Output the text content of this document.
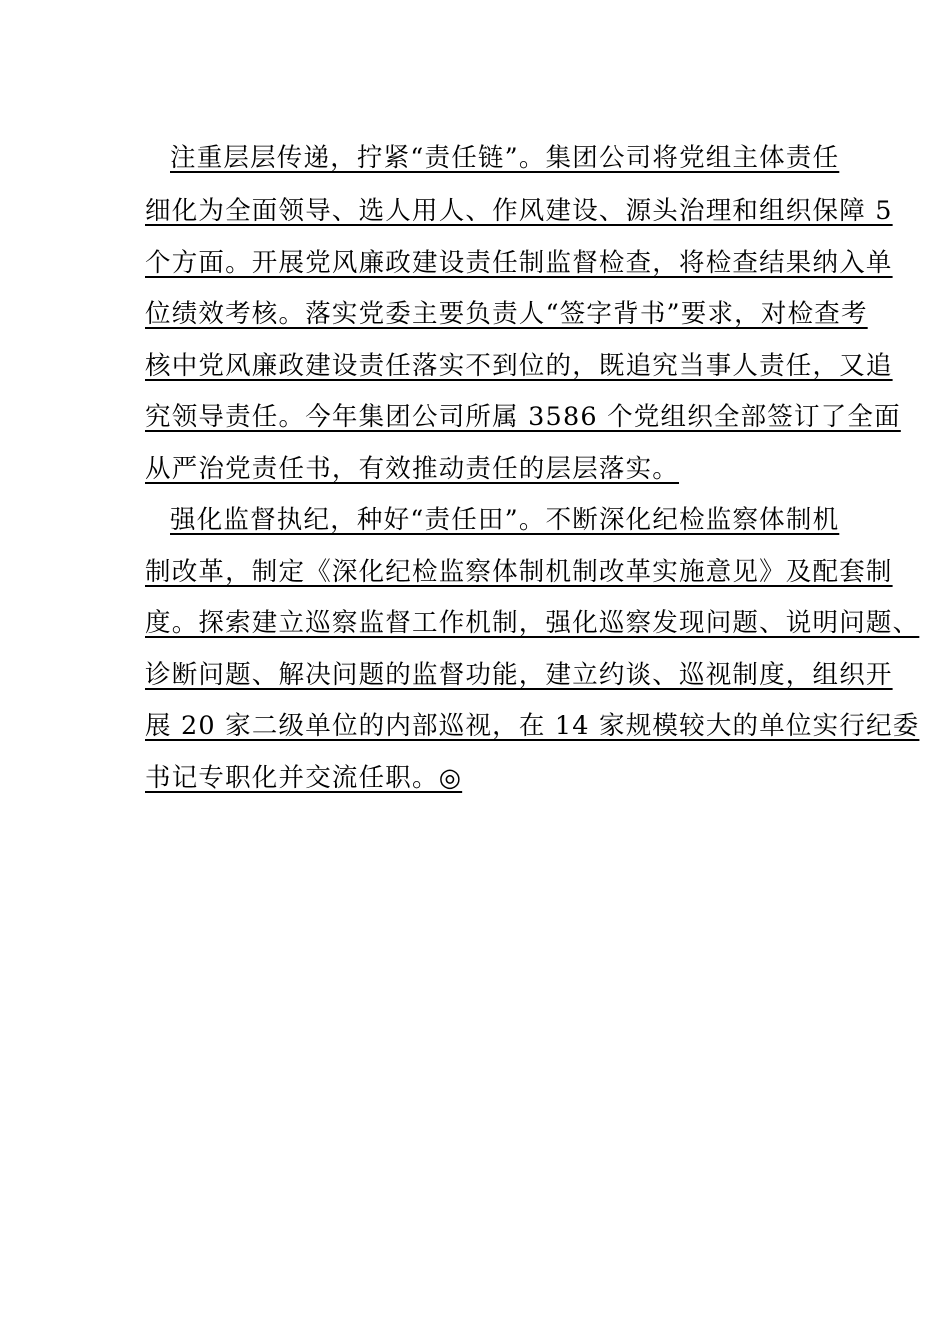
注重层层传递，拧紧“责任链”。集团公司将党组主体责任
细化为全面领导、选人用人、作风建设、源头治理和组织保障 5
个方面。开展党风廉政建设责任制监督检查，将检查结果纳入单
位绩效考核。落实党委主要负责人“签字背书”要求，对检查考
核中党风廉政建设责任落实不到位的，既追究当事人责任，又追
究领导责任。今年集团公司所属 3586 个党组织全部签订了全面
从严治党责任书，有效推动责任的层层落实。
强化监督执纪，种好“责任田”。不断深化纪检监察体制机
制改革，制定《深化纪检监察体制机制改革实施意见》及配套制
度。探索建立巡察监督工作机制，强化巡察发现问题、说明问题、
诊断问题、解决问题的监督功能，建立约谈、巡视制度，组织开
展 20 家二级单位的内部巡视，在 14 家规模较大的单位实行纪委
书记专职化并交流任职。◎
